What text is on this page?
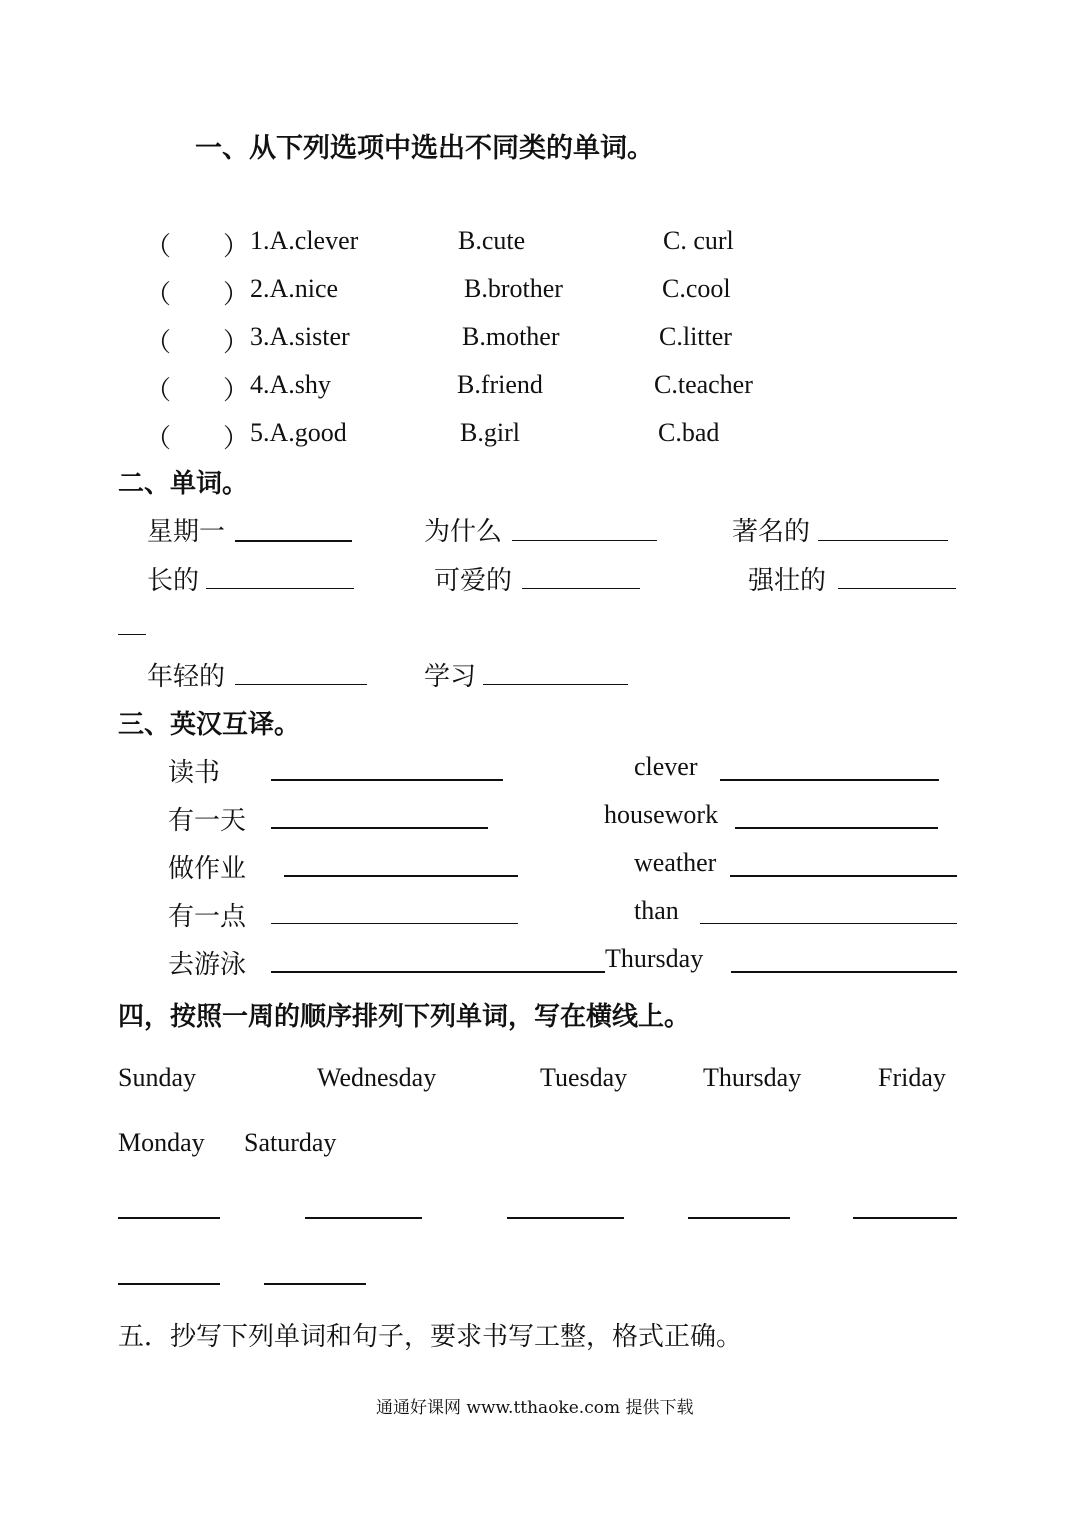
一、从下列选项中选出不同类的单词。
（　　） 1.A.clever	B.cute	C. curl
（　　） 2.A.nice	B.brother	C.cool
（　　） 3.A.sister	B.mother	C.litter
（　　） 4.A.shy	B.friend	C.teacher
（　　） 5.A.good	B.girl	C.bad
二、单词。
星期一	为什么	著名的
长的	可爱的	强壮的
年轻的	学习
三、英汉互译。
读书	clever
有一天	housework
做作业	weather
有一点	than
去游泳	Thursday
四，按照一周的顺序排列下列单词，写在横线上。
Sunday	Wednesday	Tuesday	Thursday	Friday
Monday Saturday
五．抄写下列单词和句子，要求书写工整，格式正确。
通通好课网 www.tthaoke.com 提供下载
